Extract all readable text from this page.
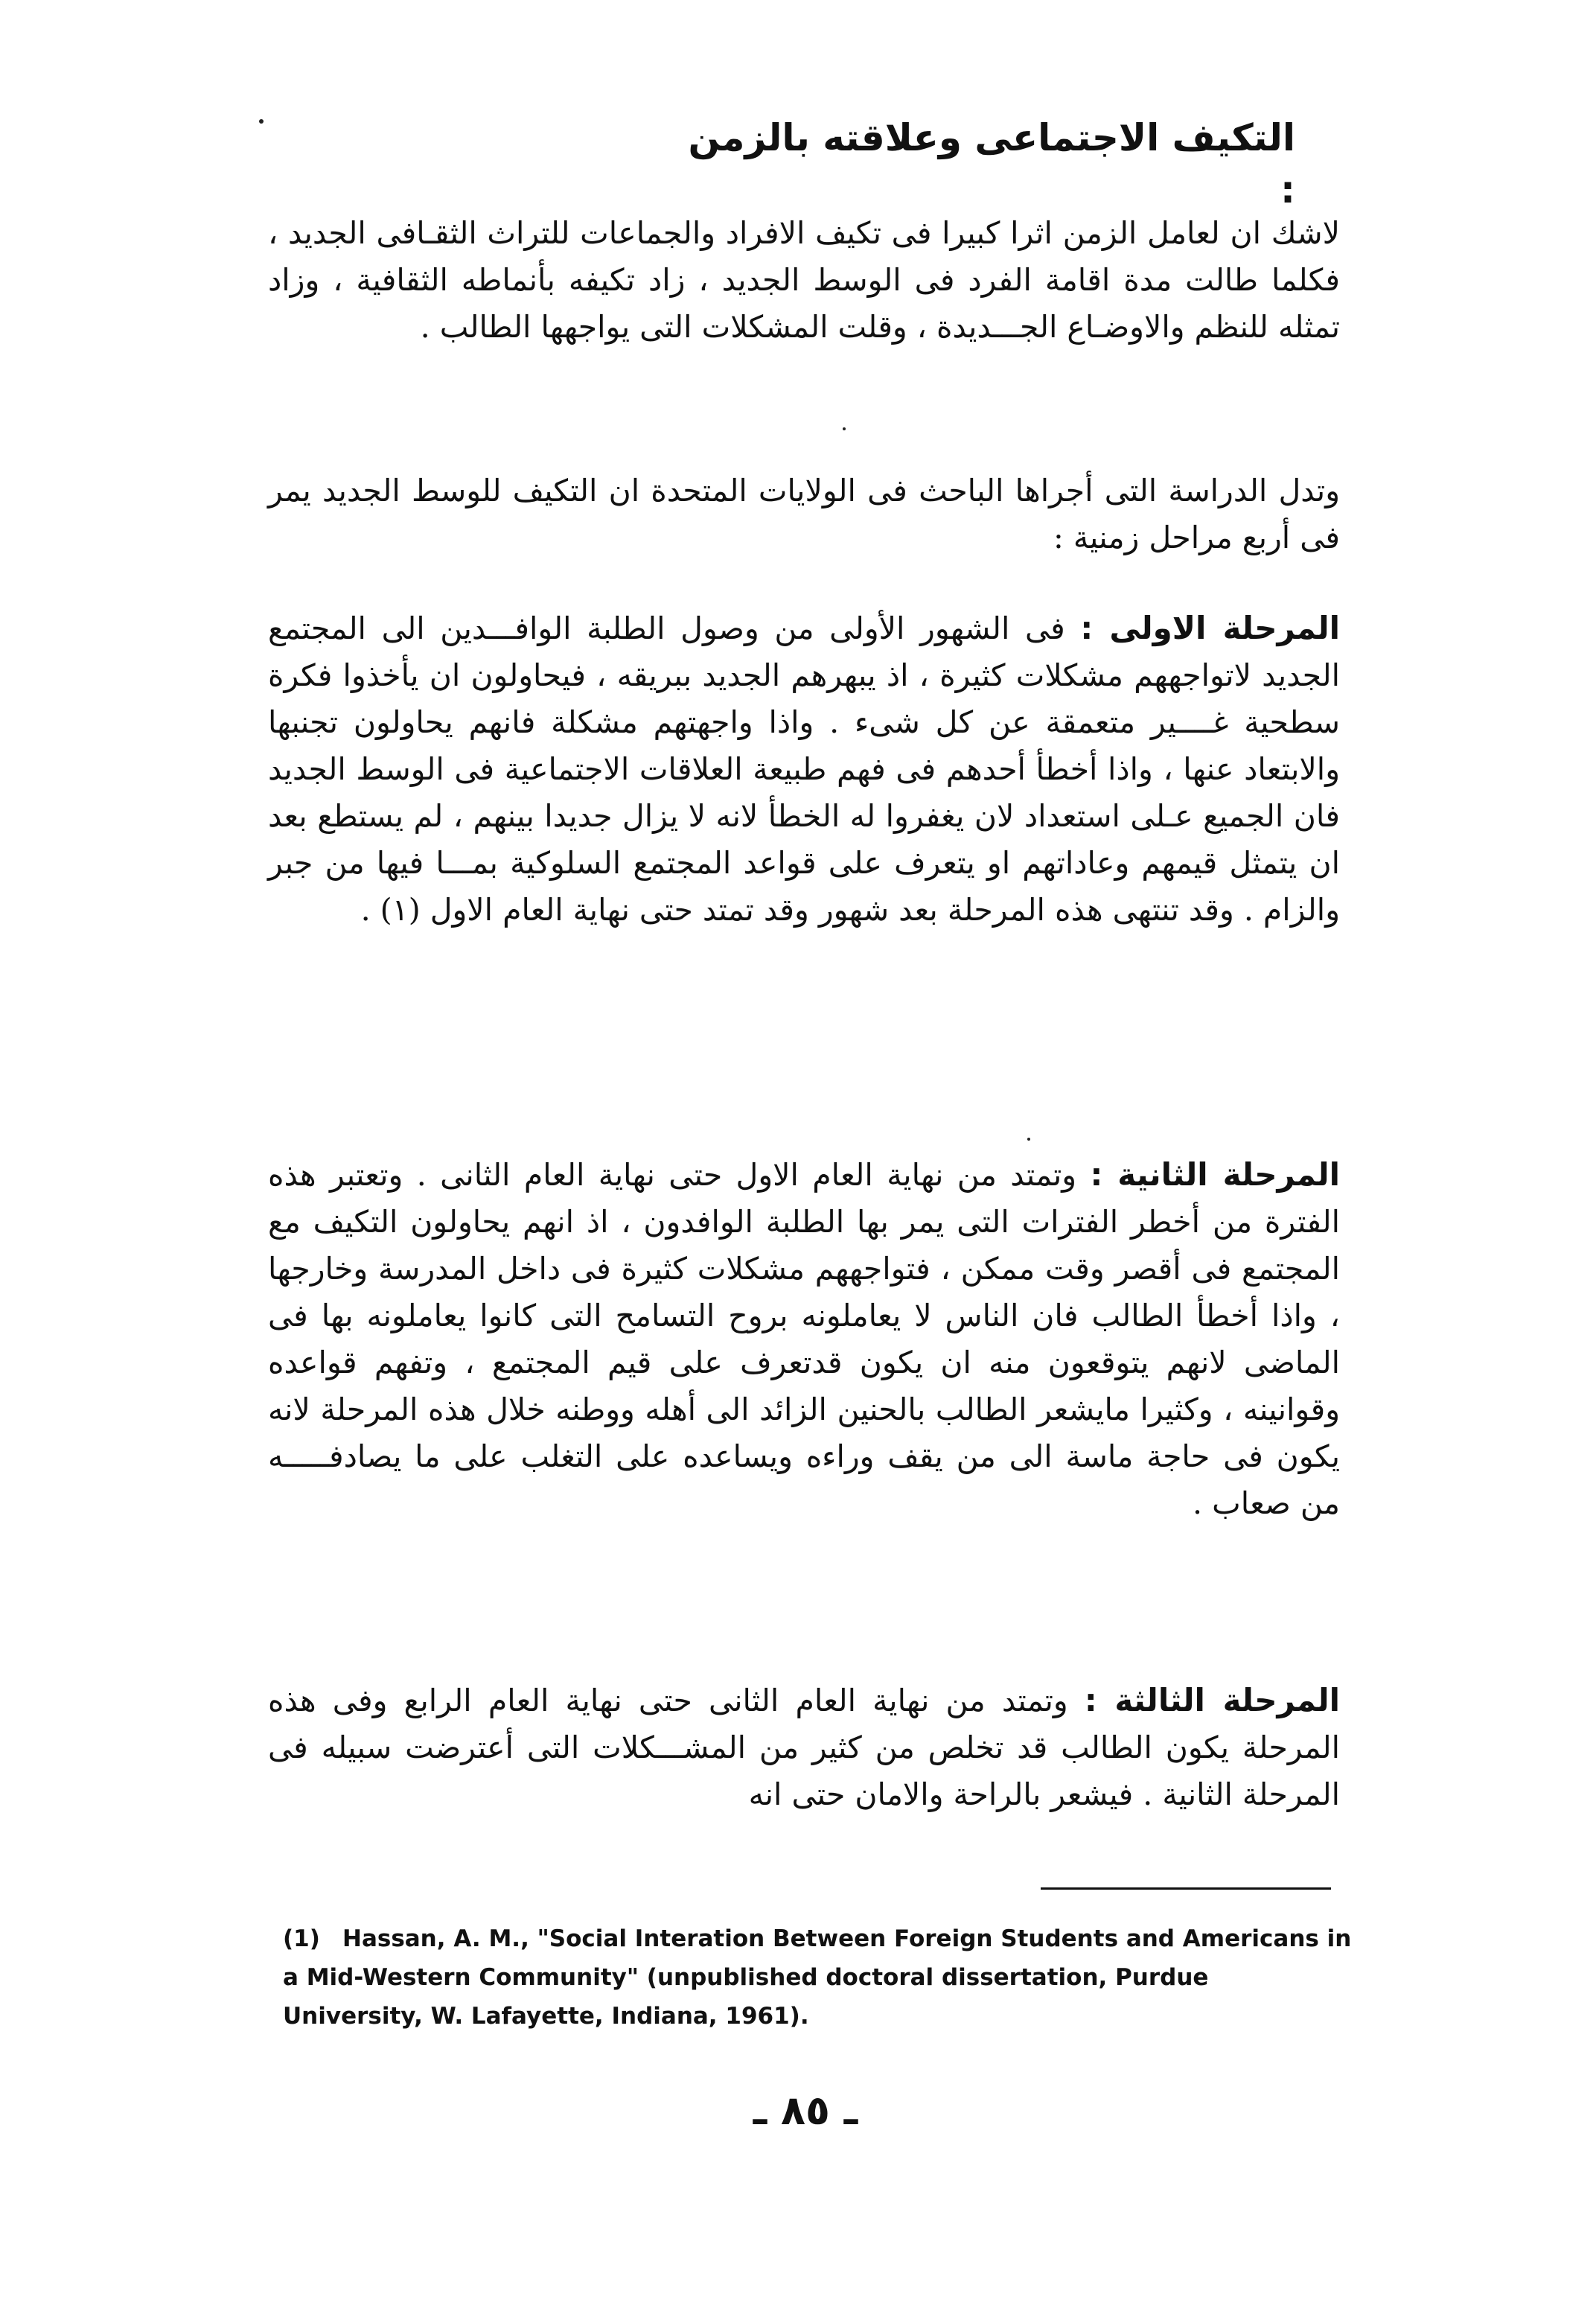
التكيف الاجتماعى وعلاقته بالزمن :
لاشك ان لعامل الزمن اثرا كبيرا فى تكيف الافراد والجماعات للتراث الثقـافى الجديد ، فكلما طالت مدة اقامة الفرد فى الوسط الجديد ، زاد تكيفه بأنماطه الثقافية ، وزاد تمثله للنظم والاوضـاع الجـــديدة ، وقلت المشكلات التى يواجهها الطالب .
وتدل الدراسة التى أجراها الباحث فى الولايات المتحدة ان التكيف للوسط الجديد يمر فى أربع مراحل زمنية :
المرحلة الاولى : فى الشهور الأولى من وصول الطلبة الوافـــدين الى المجتمع الجديد لاتواجههم مشكلات كثيرة ، اذ يبهرهم الجديد ببريقه ، فيحاولون ان يأخذوا فكرة سطحية غــــير متعمقة عن كل شىء . واذا واجهتهم مشكلة فانهم يحاولون تجنبها والابتعاد عنها ، واذا أخطأ أحدهم فى فهم طبيعة العلاقات الاجتماعية فى الوسط الجديد فان الجميع عـلى استعداد لان يغفروا له الخطأ لانه لا يزال جديدا بينهم ، لم يستطع بعد ان يتمثل قيمهم وعاداتهم او يتعرف على قواعد المجتمع السلوكية بمـــا فيها من جبر والزام . وقد تنتهى هذه المرحلة بعد شهور وقد تمتد حتى نهاية العام الاول (١) .
المرحلة الثانية : وتمتد من نهاية العام الاول حتى نهاية العام الثانى . وتعتبر هذه الفترة من أخطر الفترات التى يمر بها الطلبة الوافدون ، اذ انهم يحاولون التكيف مع المجتمع فى أقصر وقت ممكن ، فتواجههم مشكلات كثيرة فى داخل المدرسة وخارجها ، واذا أخطأ الطالب فان الناس لا يعاملونه بروح التسامح التى كانوا يعاملونه بها فى الماضى لانهم يتوقعون منه ان يكون قدتعرف على قيم المجتمع ، وتفهم قواعده وقوانينه ، وكثيرا مايشعر الطالب بالحنين الزائد الى أهله ووطنه خلال هذه المرحلة لانه يكون فى حاجة ماسة الى من يقف وراءه ويساعده على التغلب على ما يصادفـــــه من صعاب .
المرحلة الثالثة : وتمتد من نهاية العام الثانى حتى نهاية العام الرابع وفى هذه المرحلة يكون الطالب قد تخلص من كثير من المشـــكلات التى أعترضت سبيله فى المرحلة الثانية . فيشعر بالراحة والامان حتى انه
(1) Hassan, A. M., "Social Interation Between Foreign Students and Americans in a Mid-Western Community" (unpublished doctoral dissertation, Purdue University, W. Lafayette, Indiana, 1961).
ـ ٨٥ ـ
